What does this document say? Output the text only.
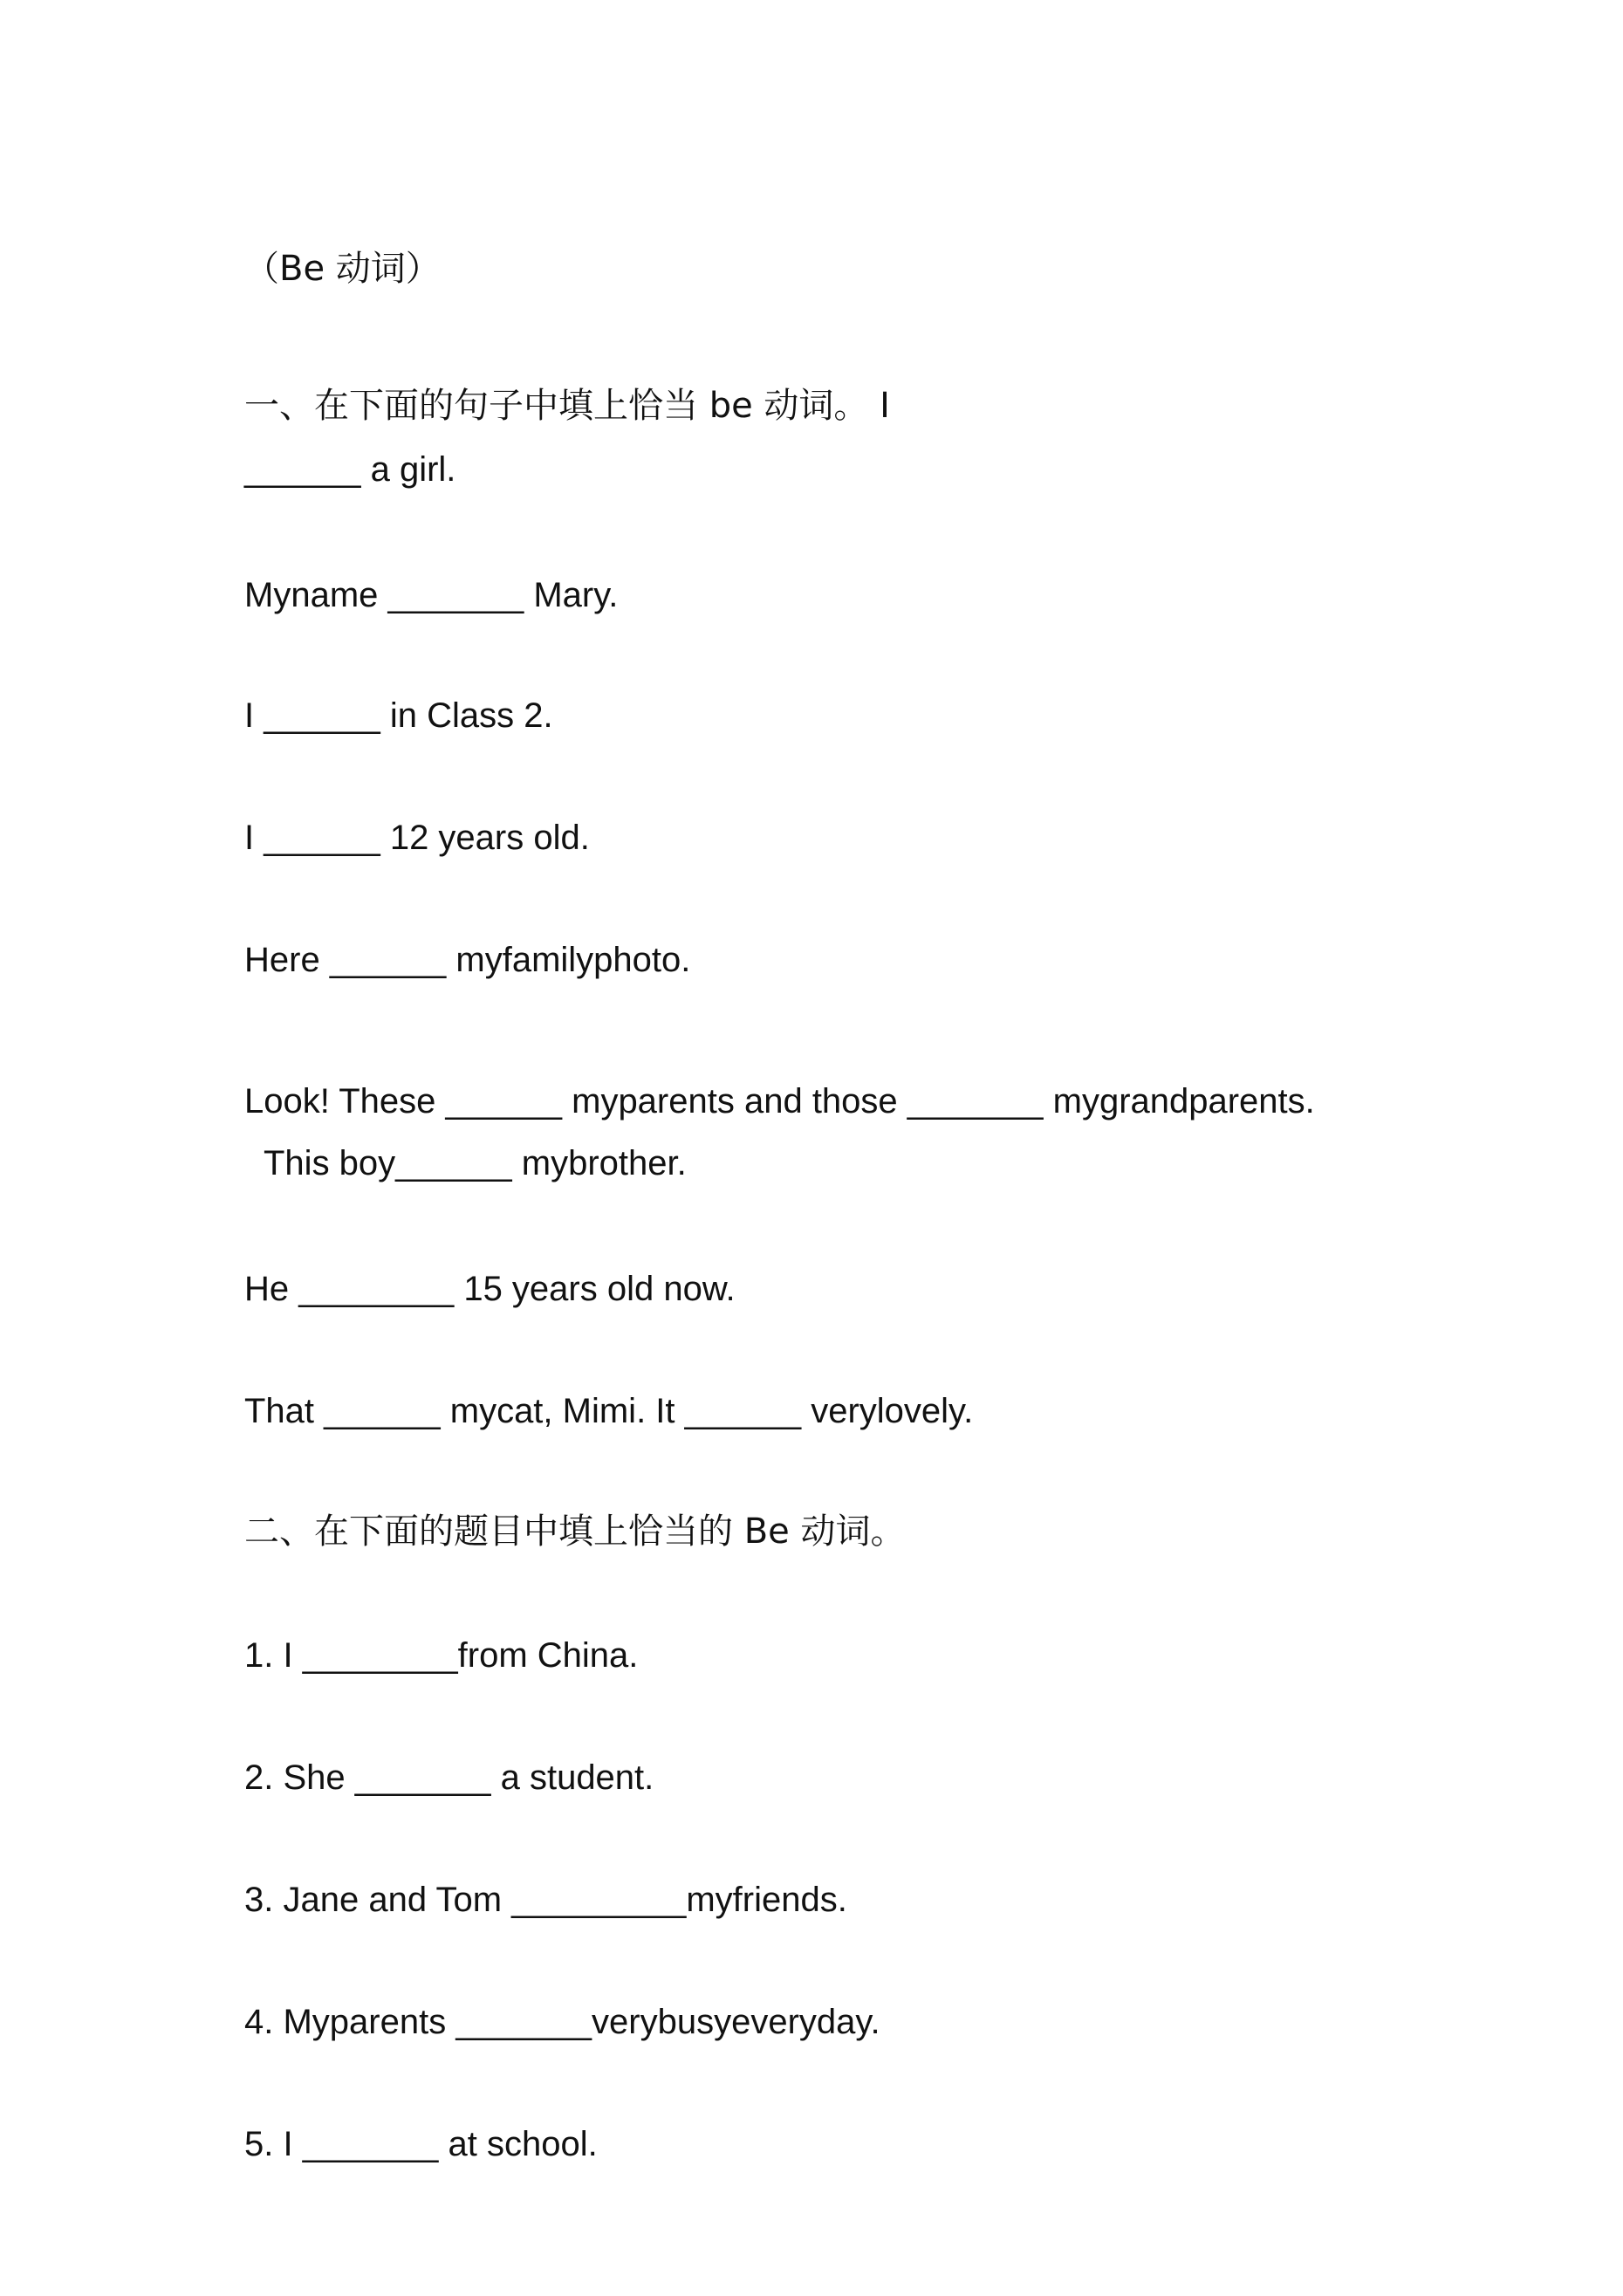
（Be 动词）

一、在下面的句子中填上恰当 be 动词。 I

______ a girl.

Myname _______ Mary.

I ______ in Class 2.

I ______ 12 years old.

Here ______ myfamilyphoto.

Look! These ______ myparents and those _______ mygrandparents.

This boy______ mybrother.

He ________ 15 years old now.

That ______ mycat, Mimi. It ______ verylovely.

二、在下面的题目中填上恰当的 Be 动词。

1. I ________from China.

2. She _______ a student.

3. Jane and Tom _________myfriends.

4. Myparents _______verybusyeveryday.

5. I _______ at school.
